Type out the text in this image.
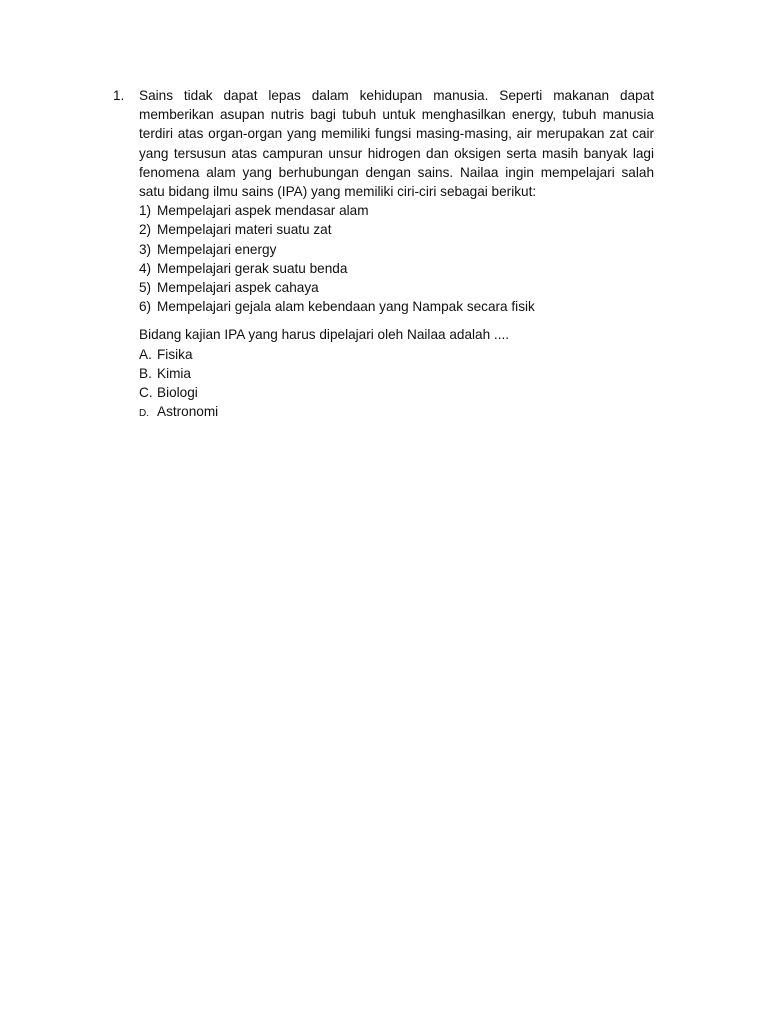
1.	Sains tidak dapat lepas dalam kehidupan manusia. Seperti makanan dapat memberikan asupan nutris bagi tubuh untuk menghasilkan energy, tubuh manusia terdiri atas organ-organ yang memiliki fungsi masing-masing, air merupakan zat cair yang tersusun atas campuran unsur hidrogen dan oksigen serta masih banyak lagi fenomena alam yang berhubungan dengan sains. Nailaa ingin mempelajari salah satu bidang ilmu sains (IPA) yang memiliki ciri-ciri sebagai berikut:

1) Mempelajari aspek mendasar alam
2) Mempelajari materi suatu zat
3) Mempelajari energy
4) Mempelajari gerak suatu benda
5) Mempelajari aspek cahaya
6) Mempelajari gejala alam kebendaan yang Nampak secara fisik

Bidang kajian IPA yang harus dipelajari oleh Nailaa adalah ....

A. Fisika
B. Kimia
C. Biologi
D. Astronomi
